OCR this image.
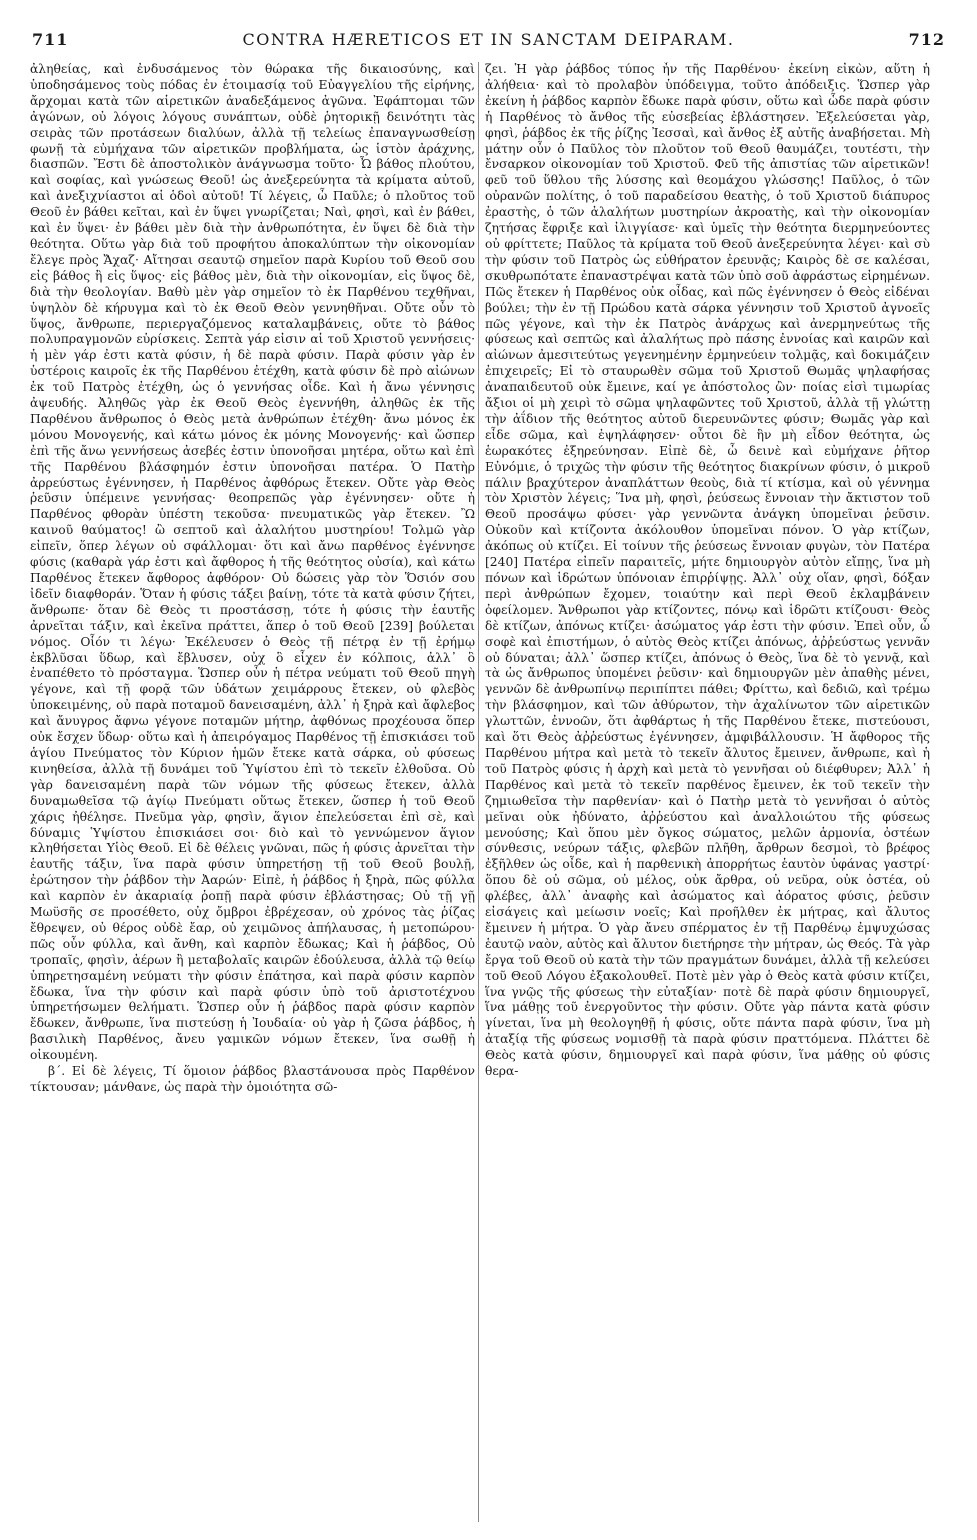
711	CONTRA HÆRETICOS ET IN SANCTAM DEIPARAM.	712

ἀληθείας, καὶ ἐνδυσάμενος τὸν θώρακα τῆς δικαιοσύνης, καὶ ὑποδησάμενος τοὺς πόδας ἐν ἑτοιμασίᾳ τοῦ Εὐαγγελίου τῆς εἰρήνης, ἄρχομαι κατὰ τῶν αἱρετικῶν ἀναδεξάμενος ἀγῶνα. Ἐφάπτομαι τῶν ἀγώνων, οὐ λόγοις λόγους συνάπτων, οὐδὲ ῥητορικῇ δεινότητι τὰς σειρὰς τῶν προτάσεων διαλύων, ἀλλὰ τῇ τελείως ἐπαναγνωσθείσῃ φωνῇ τὰ εὐμήχανα τῶν αἱρετικῶν προβλήματα, ὡς ἱστὸν ἀράχνης, διασπῶν. Ἔστι δὲ ἀποστολικὸν ἀνάγνωσμα τοῦτο· Ὦ βάθος πλούτου, καὶ σοφίας, καὶ γνώσεως Θεοῦ! ὡς ἀνεξερεύνητα τὰ κρίματα αὐτοῦ, καὶ ἀνεξιχνίαστοι αἱ ὁδοὶ αὐτοῦ! Τί λέγεις, ὦ Παῦλε; ὁ πλοῦτος τοῦ Θεοῦ ἐν βάθει κεῖται, καὶ ἐν ὕψει γνωρίζεται; Ναὶ, φησὶ, καὶ ἐν βάθει, καὶ ἐν ὕψει· ἐν βάθει μὲν διὰ τὴν ἀνθρωπότητα, ἐν ὕψει δὲ διὰ τὴν θεότητα. Οὕτω γὰρ διὰ τοῦ προφήτου ἀποκαλύπτων τὴν οἰκονομίαν ἔλεγε πρὸς Ἄχαζ· Αἴτησαι σεαυτῷ σημεῖον παρὰ Κυρίου τοῦ Θεοῦ σου εἰς βάθος ἢ εἰς ὕψος· εἰς βάθος μὲν, διὰ τὴν οἰκονομίαν, εἰς ὕψος δὲ, διὰ τὴν θεολογίαν. Βαθὺ μὲν γὰρ σημεῖον τὸ ἐκ Παρθένου τεχθῆναι, ὑψηλὸν δὲ κήρυγμα καὶ τὸ ἐκ Θεοῦ Θεὸν γεννηθῆναι. Οὔτε οὖν τὸ ὕψος, ἄνθρωπε, περιεργαζόμενος καταλαμβάνεις, οὔτε τὸ βάθος πολυπραγμονῶν εὑρίσκεις. Σεπτὰ γάρ εἰσιν αἱ τοῦ Χριστοῦ γεννήσεις· ἡ μὲν γάρ ἐστι κατὰ φύσιν, ἡ δὲ παρὰ φύσιν. Παρὰ φύσιν γὰρ ἐν ὑστέροις καιροῖς ἐκ τῆς Παρθένου ἐτέχθη, κατὰ φύσιν δὲ πρὸ αἰώνων ἐκ τοῦ Πατρὸς ἐτέχθη, ὡς ὁ γεννήσας οἶδε. Καὶ ἡ ἄνω γέννησις ἀψευδής. Ἀληθῶς γὰρ ἐκ Θεοῦ Θεὸς ἐγεννήθη, ἀληθῶς ἐκ τῆς Παρθένου ἄνθρωπος ὁ Θεὸς μετὰ ἀνθρώπων ἐτέχθη· ἄνω μόνος ἐκ μόνου Μονογενής, καὶ κάτω μόνος ἐκ μόνης Μονογενής· καὶ ὥσπερ ἐπὶ τῆς ἄνω γεννήσεως ἀσεβές ἐστιν ὑπονοῆσαι μητέρα, οὕτω καὶ ἐπὶ τῆς Παρθένου βλάσφημόν ἐστιν ὑπονοῆσαι πατέρα. Ὁ Πατὴρ ἀρρεύστως ἐγέννησεν, ἡ Παρθένος ἀφθόρως ἔτεκεν. Οὔτε γὰρ Θεὸς ῥεῦσιν ὑπέμεινε γεννήσας· θεοπρεπῶς γὰρ ἐγέννησεν· οὔτε ἡ Παρθένος φθορὰν ὑπέστη τεκοῦσα· πνευματικῶς γὰρ ἔτεκεν. Ὢ καινοῦ θαύματος! ὢ σεπτοῦ καὶ ἀλαλήτου μυστηρίου! Τολμῶ γὰρ εἰπεῖν, ὅπερ λέγων οὐ σφάλλομαι· ὅτι καὶ ἄνω παρθένος ἐγέννησε φύσις (καθαρὰ γάρ ἐστι καὶ ἄφθορος ἡ τῆς θεότητος οὐσία), καὶ κάτω Παρθένος ἔτεκεν ἄφθορος ἀφθόρον· Οὐ δώσεις γὰρ τὸν Ὅσιόν σου ἰδεῖν διαφθοράν. Ὅταν ἡ φύσις τάξει βαίνῃ, τότε τὰ κατὰ φύσιν ζήτει, ἄνθρωπε· ὅταν δὲ Θεὸς τι προστάσσῃ, τότε ἡ φύσις τὴν ἑαυτῆς ἀρνεῖται τάξιν, καὶ ἐκεῖνα πράττει, ἅπερ ὁ τοῦ Θεοῦ [239] βούλεται νόμος. Οἷόν τι λέγω· Ἐκέλευσεν ὁ Θεὸς τῇ πέτρᾳ ἐν τῇ ἐρήμῳ ἐκβλῦσαι ὕδωρ, καὶ ἔβλυσεν, οὐχ ὃ εἶχεν ἐν κόλποις, ἀλλ᾽ ὃ ἐναπέθετο τὸ πρόσταγμα. Ὥσπερ οὖν ἡ πέτρα νεύματι τοῦ Θεοῦ πηγὴ γέγονε, καὶ τῇ φορᾷ τῶν ὑδάτων χειμάρρους ἔτεκεν, οὐ φλεβὸς ὑποκειμένης, οὐ παρὰ ποταμοῦ δανεισαμένη, ἀλλ᾽ ἡ ξηρὰ καὶ ἄφλεβος καὶ ἄνυγρος ἄφνω γέγονε ποταμῶν μήτηρ, ἀφθόνως προχέουσα ὅπερ οὐκ ἔσχεν ὕδωρ· οὕτω καὶ ἡ ἀπειρόγαμος Παρθένος τῇ ἐπισκιάσει τοῦ ἁγίου Πνεύματος τὸν Κύριον ἡμῶν ἔτεκε κατὰ σάρκα, οὐ φύσεως κινηθείσα, ἀλλὰ τῇ δυνάμει τοῦ Ὑψίστου ἐπὶ τὸ τεκεῖν ἐλθοῦσα. Οὐ γὰρ δανεισαμένη παρὰ τῶν νόμων τῆς φύσεως ἔτεκεν, ἀλλὰ δυναμωθεῖσα τῷ ἁγίῳ Πνεύματι οὕτως ἔτεκεν, ὥσπερ ἡ τοῦ Θεοῦ χάρις ἠθέλησε. Πνεῦμα γὰρ, φησὶν, ἅγιον ἐπελεύσεται ἐπὶ σὲ, καὶ δύναμις Ὑψίστου ἐπισκιάσει σοι· διὸ καὶ τὸ γεννώμενον ἅγιον κληθήσεται Υἱὸς Θεοῦ. Εἰ δὲ θέλεις γνῶναι, πῶς ἡ φύσις ἀρνεῖται τὴν ἑαυτῆς τάξιν, ἵνα παρὰ φύσιν ὑπηρετήσῃ τῇ τοῦ Θεοῦ βουλῇ, ἐρώτησον τὴν ῥάβδον τὴν Ἀαρών· Εἰπὲ, ἡ ῥάβδος ἡ ξηρὰ, πῶς φύλλα καὶ καρπὸν ἐν ἀκαριαίᾳ ῥοπῇ παρὰ φύσιν ἐβλάστησας; Οὐ τῇ γῇ Μωϋσῆς σε προσέθετο, οὐχ ὄμβροι ἐβρέχεσαν, οὐ χρόνος τὰς ῥίζας ἔθρεψεν, οὐ θέρος οὐδὲ ἔαρ, οὐ χειμῶνος ἀπήλαυσας, ἡ μετοπώρου· πῶς οὖν φύλλα, καὶ ἄνθη, καὶ καρπὸν ἔδωκας; Καὶ ἡ ῥάβδος, Οὐ τροπαῖς, φησὶν, ἀέρων ἢ μεταβολαῖς καιρῶν ἐδούλευσα, ἀλλὰ τῷ θείῳ ὑπηρετησαμένη νεύματι τὴν φύσιν ἐπάτησα, καὶ παρὰ φύσιν καρπὸν ἔδωκα, ἵνα τὴν φύσιν καὶ παρὰ φύσιν ὑπὸ τοῦ ἀριστοτέχνου ὑπηρετήσωμεν θελήματι. Ὥσπερ οὖν ἡ ῥάβδος παρὰ φύσιν καρπὸν ἔδωκεν, ἄνθρωπε, ἵνα πιστεύσῃ ἡ Ἰουδαία· οὐ γὰρ ἡ ζῶσα ῥάβδος, ἡ βασιλικὴ Παρθένος, ἄνευ γαμικῶν νόμων ἔτεκεν, ἵνα σωθῇ ἡ οἰκουμένη.

β΄. Εἰ δὲ λέγεις, Τί ὅμοιον ῥάβδος βλαστάνουσα πρὸς Παρθένον τίκτουσαν; μάνθανε, ὡς παρὰ τὴν ὁμοιότητα σῶ-

ζει. Ἡ γὰρ ῥάβδος τύπος ἦν τῆς Παρθένου· ἐκείνη εἰκὼν, αὕτη ἡ ἀλήθεια· καὶ τὸ προλαβὸν ὑπόδειγμα, τοῦτο ἀπόδειξις. Ὥσπερ γὰρ ἐκείνη ἡ ῥάβδος καρπὸν ἔδωκε παρὰ φύσιν, οὕτω καὶ ὧδε παρὰ φύσιν ἡ Παρθένος τὸ ἄνθος τῆς εὐσεβείας ἐβλάστησεν. Ἐξελεύσεται γὰρ, φησὶ, ῥάβδος ἐκ τῆς ῥίζης Ἰεσσαὶ, καὶ ἄνθος ἐξ αὐτῆς ἀναβήσεται. Μὴ μάτην οὖν ὁ Παῦλος τὸν πλοῦτον τοῦ Θεοῦ θαυμάζει, τουτέστι, τὴν ἔνσαρκον οἰκονομίαν τοῦ Χριστοῦ. Φεῦ τῆς ἀπιστίας τῶν αἱρετικῶν! φεῦ τοῦ ὕθλου τῆς λύσσης καὶ θεομάχου γλώσσης! Παῦλος, ὁ τῶν οὐρανῶν πολίτης, ὁ τοῦ παραδείσου θεατὴς, ὁ τοῦ Χριστοῦ διάπυρος ἐραστὴς, ὁ τῶν ἀλαλήτων μυστηρίων ἀκροατὴς, καὶ τὴν οἰκονομίαν ζητήσας ἔφριξε καὶ ἰλιγγίασε· καὶ ὑμεῖς τὴν θεότητα διερμηνεύοντες οὐ φρίττετε; Παῦλος τὰ κρίματα τοῦ Θεοῦ ἀνεξερεύνητα λέγει· καὶ σὺ τὴν φύσιν τοῦ Πατρὸς ὡς εὐθήρατον ἐρευνᾷς; Καιρὸς δὲ σε καλέσαι, σκυθρωπότατε ἐπαναστρέψαι κατὰ τῶν ὑπὸ σοῦ ἀφράστως εἰρημένων. Πῶς ἔτεκεν ἡ Παρθένος οὐκ οἶδας, καὶ πῶς ἐγέννησεν ὁ Θεὸς εἰδέναι βούλει; τὴν ἐν τῇ Πρώδου κατὰ σάρκα γέννησιν τοῦ Χριστοῦ ἀγνοεῖς πῶς γέγονε, καὶ τὴν ἐκ Πατρὸς ἀνάρχως καὶ ἀνερμηνεύτως τῆς φύσεως καὶ σεπτῶς καὶ ἀλαλήτως πρὸ πάσης ἐννοίας καὶ καιρῶν καὶ αἰώνων ἀμεσιτεύτως γεγενημένην ἑρμηνεύειν τολμᾷς, καὶ δοκιμάζειν ἐπιχειρεῖς; Εἰ τὸ σταυρωθὲν σῶμα τοῦ Χριστοῦ Θωμᾶς ψηλαφήσας ἀναπαιδευτοῦ οὐκ ἔμεινε, καί γε ἀπόστολος ὢν· ποίας εἰσὶ τιμωρίας ἄξιοι οἱ μὴ χειρὶ τὸ σῶμα ψηλαφῶντες τοῦ Χριστοῦ, ἀλλὰ τῇ γλώττῃ τὴν ἀΐδιον τῆς θεότητος αὐτοῦ διερευνῶντες φύσιν; Θωμᾶς γὰρ καὶ εἶδε σῶμα, καὶ ἐψηλάφησεν· οὗτοι δὲ ἣν μὴ εἶδον θεότητα, ὡς ἑωρακότες ἐξηρεύνησαν. Εἰπὲ δὲ, ὦ δεινὲ καὶ εὐμήχανε ῥῆτορ Εὐνόμιε, ὁ τριχῶς τὴν φύσιν τῆς θεότητος διακρίνων φύσιν, ὁ μικροῦ πάλιν βραχύτερον ἀναπλάττων θεοὺς, διὰ τί κτίσμα, καὶ οὐ γέννημα τὸν Χριστὸν λέγεις; Ἵνα μὴ, φησὶ, ῥεύσεως ἔννοιαν τὴν ἄκτιστον τοῦ Θεοῦ προσάψω φύσει· γὰρ γεννῶντα ἀνάγκη ὑπομεῖναι ῥεῦσιν. Οὐκοῦν καὶ κτίζοντα ἀκόλουθον ὑπομεῖναι πόνον. Ὁ γὰρ κτίζων, ἀκόπως οὐ κτίζει. Εἰ τοίνυν τῆς ῥεύσεως ἔννοιαν φυγὼν, τὸν Πατέρα [240] Πατέρα εἰπεῖν παραιτεῖς, μήτε δημιουργὸν αὐτὸν εἴπῃς, ἵνα μὴ πόνων καὶ ἱδρώτων ὑπόνοιαν ἐπιρῥίψῃς. Ἀλλ᾽ οὐχ οἵαν, φησὶ, δόξαν περὶ ἀνθρώπων ἔχομεν, τοιαύτην καὶ περὶ Θεοῦ ἐκλαμβάνειν ὀφείλομεν. Ἄνθρωποι γὰρ κτίζοντες, πόνῳ καὶ ἱδρῶτι κτίζουσι· Θεὸς δὲ κτίζων, ἀπόνως κτίζει· ἀσώματος γάρ ἐστι τὴν φύσιν. Ἐπεὶ οὖν, ὦ σοφὲ καὶ ἐπιστήμων, ὁ αὐτὸς Θεὸς κτίζει ἀπόνως, ἀῤῥεύστως γεννᾶν οὐ δύναται; ἀλλ᾽ ὥσπερ κτίζει, ἀπόνως ὁ Θεὸς, ἵνα δὲ τὸ γεννᾷ, καὶ τὰ ὡς ἄνθρωπος ὑπομένει ῥεῦσιν· καὶ δημιουργῶν μὲν ἀπαθὴς μένει, γεννῶν δὲ ἀνθρωπίνῳ περιπίπτει πάθει; Φρίττω, καὶ δεδιῶ, καὶ τρέμω τὴν βλάσφημον, καὶ τῶν ἀθύρωτον, τὴν ἀχαλίνωτον τῶν αἱρετικῶν γλωττῶν, ἐννοῶν, ὅτι ἀφθάρτως ἡ τῆς Παρθένου ἔτεκε, πιστεύουσι, καὶ ὅτι Θεὸς ἀῤῥεύστως ἐγέννησεν, ἀμφιβάλλουσιν. Ἡ ἄφθορος τῆς Παρθένου μήτρα καὶ μετὰ τὸ τεκεῖν ἄλυτος ἔμεινεν, ἄνθρωπε, καὶ ἡ τοῦ Πατρὸς φύσις ἡ ἀρχὴ καὶ μετὰ τὸ γεννῆσαι οὐ διέφθυρεν; Ἀλλ᾽ ἡ Παρθένος καὶ μετὰ τὸ τεκεῖν παρθένος ἔμεινεν, ἐκ τοῦ τεκεῖν τὴν ζημιωθεῖσα τὴν παρθενίαν· καὶ ὁ Πατὴρ μετὰ τὸ γεννῆσαι ὁ αὐτὸς μεῖναι οὐκ ἠδύνατο, ἀῤῥεύστου καὶ ἀναλλοιώτου τῆς φύσεως μενούσης; Καὶ ὅπου μὲν ὄγκος σώματος, μελῶν ἁρμονία, ὀστέων σύνθεσις, νεύρων τάξις, φλεβῶν πλῆθη, ἄρθρων δεσμοὶ, τὸ βρέφος ἐξῆλθεν ὡς οἶδε, καὶ ἡ παρθενικὴ ἀπορρήτως ἑαυτὸν ὑφάνας γαστρί· ὅπου δὲ οὐ σῶμα, οὐ μέλος, οὐκ ἄρθρα, οὐ νεῦρα, οὐκ ὀστέα, οὐ φλέβες, ἀλλ᾽ ἀναφὴς καὶ ἀσώματος καὶ ἀόρατος φύσις, ῥεῦσιν εἰσάγεις καὶ μείωσιν νοεῖς; Καὶ προῆλθεν ἐκ μήτρας, καὶ ἄλυτος ἔμεινεν ἡ μήτρα. Ὁ γὰρ ἄνευ σπέρματος ἐν τῇ Παρθένῳ ἐμψυχώσας ἑαυτῷ ναὸν, αὐτὸς καὶ ἄλυτον διετήρησε τὴν μήτραν, ὡς Θεός. Τὰ γὰρ ἔργα τοῦ Θεοῦ οὐ κατὰ τὴν τῶν πραγμάτων δυνάμει, ἀλλὰ τῇ κελεύσει τοῦ Θεοῦ Λόγου ἐξακολουθεῖ. Ποτὲ μὲν γὰρ ὁ Θεὸς κατὰ φύσιν κτίζει, ἵνα γνῷς τῆς φύσεως τὴν εὐταξίαν· ποτὲ δὲ παρὰ φύσιν δημιουργεῖ, ἵνα μάθῃς τοῦ ἐνεργοῦντος τὴν φύσιν. Οὔτε γὰρ πάντα κατὰ φύσιν γίνεται, ἵνα μὴ θεολογηθῇ ἡ φύσις, οὔτε πάντα παρὰ φύσιν, ἵνα μὴ ἀταξίᾳ τῆς φύσεως νομισθῇ τὰ παρὰ φύσιν πραττόμενα. Πλάττει δὲ Θεὸς κατὰ φύσιν, δημιουργεῖ καὶ παρὰ φύσιν, ἵνα μάθῃς οὐ φύσις θερα-
